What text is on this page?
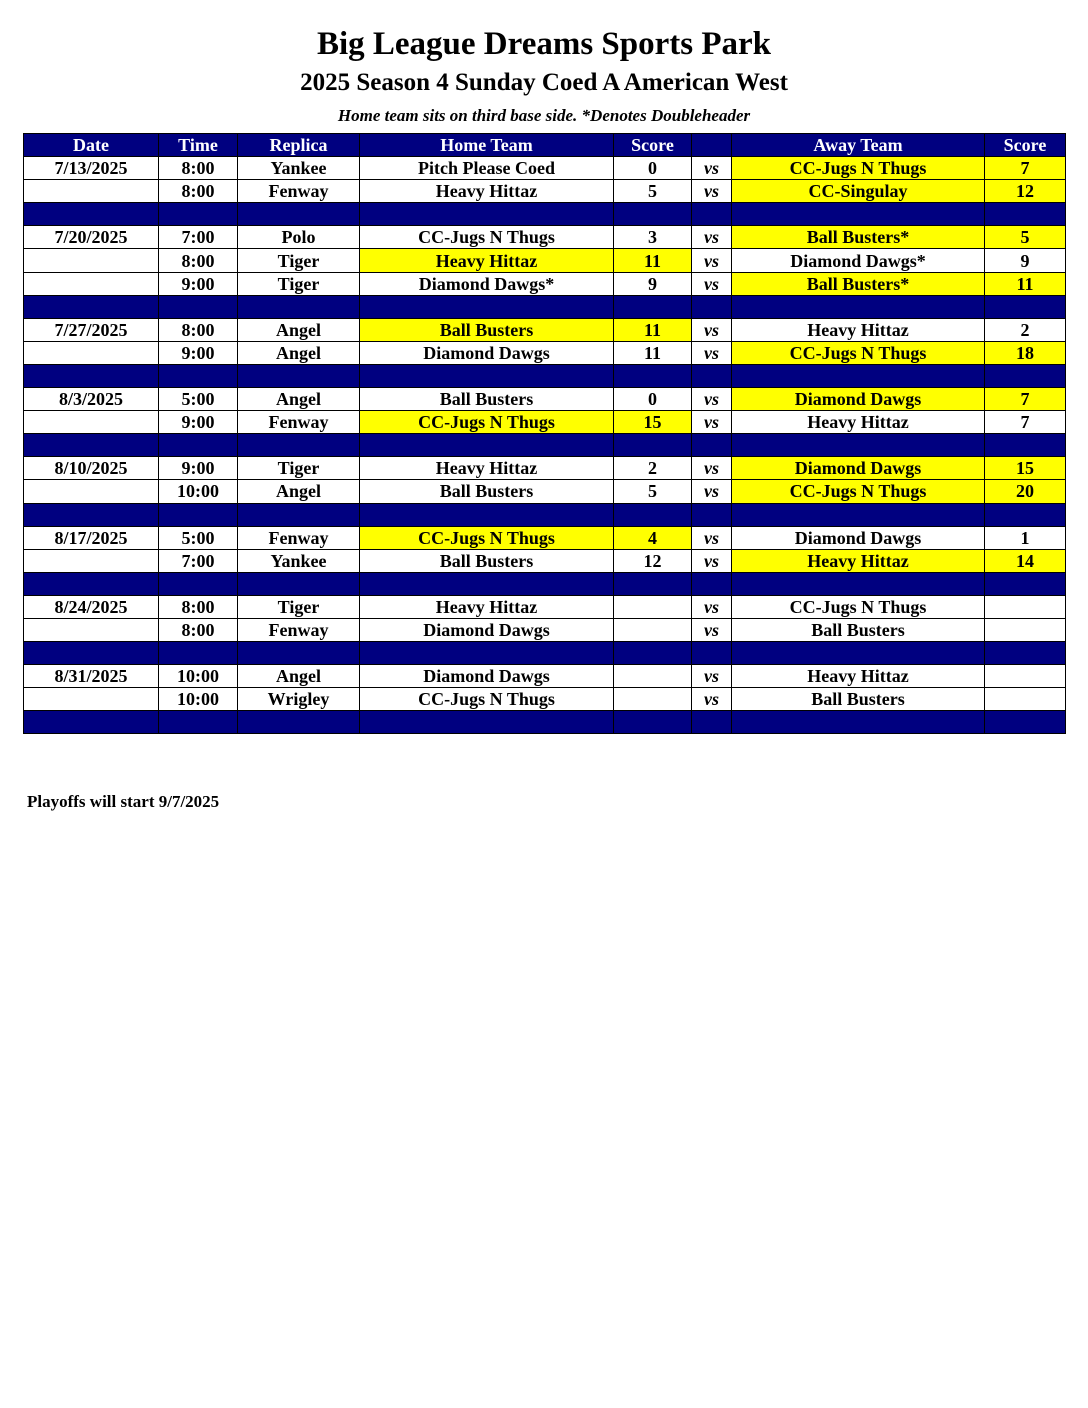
Big League Dreams Sports Park
2025 Season 4 Sunday Coed A American West
Home team sits on third base side. *Denotes Doubleheader
Date	Time	Replica	Home Team	Score		Away Team	Score
7/13/2025	8:00	Yankee	Pitch Please Coed	0	vs	CC-Jugs N Thugs	7
	8:00	Fenway	Heavy Hittaz	5	vs	CC-Singulay	12

7/20/2025	7:00	Polo	CC-Jugs N Thugs	3	vs	Ball Busters*	5
	8:00	Tiger	Heavy Hittaz	11	vs	Diamond Dawgs*	9
	9:00	Tiger	Diamond Dawgs*	9	vs	Ball Busters*	11

7/27/2025	8:00	Angel	Ball Busters	11	vs	Heavy Hittaz	2
	9:00	Angel	Diamond Dawgs	11	vs	CC-Jugs N Thugs	18

8/3/2025	5:00	Angel	Ball Busters	0	vs	Diamond Dawgs	7
	9:00	Fenway	CC-Jugs N Thugs	15	vs	Heavy Hittaz	7

8/10/2025	9:00	Tiger	Heavy Hittaz	2	vs	Diamond Dawgs	15
	10:00	Angel	Ball Busters	5	vs	CC-Jugs N Thugs	20

8/17/2025	5:00	Fenway	CC-Jugs N Thugs	4	vs	Diamond Dawgs	1
	7:00	Yankee	Ball Busters	12	vs	Heavy Hittaz	14

8/24/2025	8:00	Tiger	Heavy Hittaz		vs	CC-Jugs N Thugs	
	8:00	Fenway	Diamond Dawgs		vs	Ball Busters	

8/31/2025	10:00	Angel	Diamond Dawgs		vs	Heavy Hittaz	
	10:00	Wrigley	CC-Jugs N Thugs		vs	Ball Busters	

Playoffs will start 9/7/2025
